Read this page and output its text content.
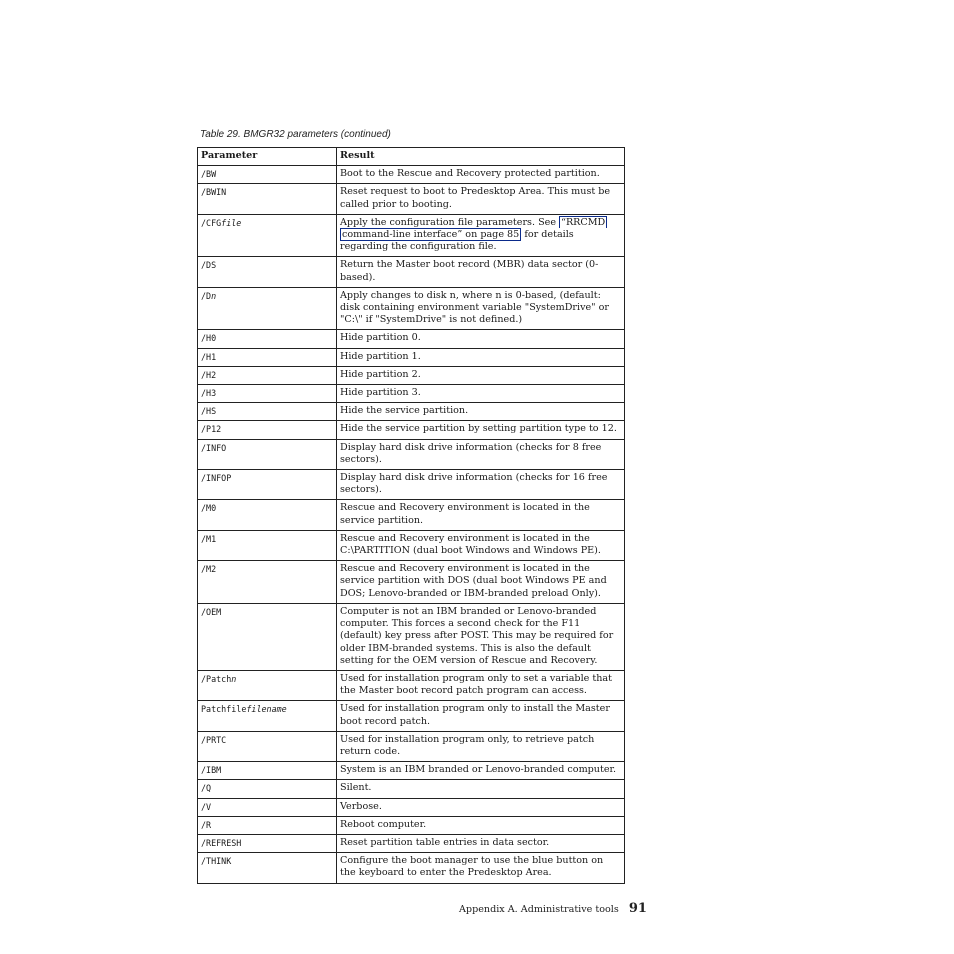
Table 29. BMGR32 parameters (continued)
Parameter	Result
/BW	Boot to the Rescue and Recovery protected partition.
/BWIN	Reset request to boot to Predesktop Area. This must be called prior to booting.
/CFGfile	Apply the configuration file parameters. See “RRCMD
command-line interface” on page 85 for details regarding the configuration file.
/DS	Return the Master boot record (MBR) data sector (0-based).
/Dn	Apply changes to disk n, where n is 0-based, (default: disk containing environment variable "SystemDrive" or "C:\" if "SystemDrive" is not defined.)
/H0	Hide partition 0.
/H1	Hide partition 1.
/H2	Hide partition 2.
/H3	Hide partition 3.
/HS	Hide the service partition.
/P12	Hide the service partition by setting partition type to 12.
/INFO	Display hard disk drive information (checks for 8 free sectors).
/INFOP	Display hard disk drive information (checks for 16 free sectors).
/M0	Rescue and Recovery environment is located in the service partition.
/M1	Rescue and Recovery environment is located in the C:\PARTITION (dual boot Windows and Windows PE).
/M2	Rescue and Recovery environment is located in the service partition with DOS (dual boot Windows PE and DOS; Lenovo-branded or IBM-branded preload Only).
/OEM	Computer is not an IBM branded or Lenovo-branded computer. This forces a second check for the F11 (default) key press after POST. This may be required for older IBM-branded systems. This is also the default setting for the OEM version of Rescue and Recovery.
/Patchn	Used for installation program only to set a variable that the Master boot record patch program can access.
Patchfilefilename	Used for installation program only to install the Master boot record patch.
/PRTC	Used for installation program only, to retrieve patch return code.
/IBM	System is an IBM branded or Lenovo-branded computer.
/Q	Silent.
/V	Verbose.
/R	Reboot computer.
/REFRESH	Reset partition table entries in data sector.
/THINK	Configure the boot manager to use the blue button on the keyboard to enter the Predesktop Area.
Appendix A. Administrative tools 91
